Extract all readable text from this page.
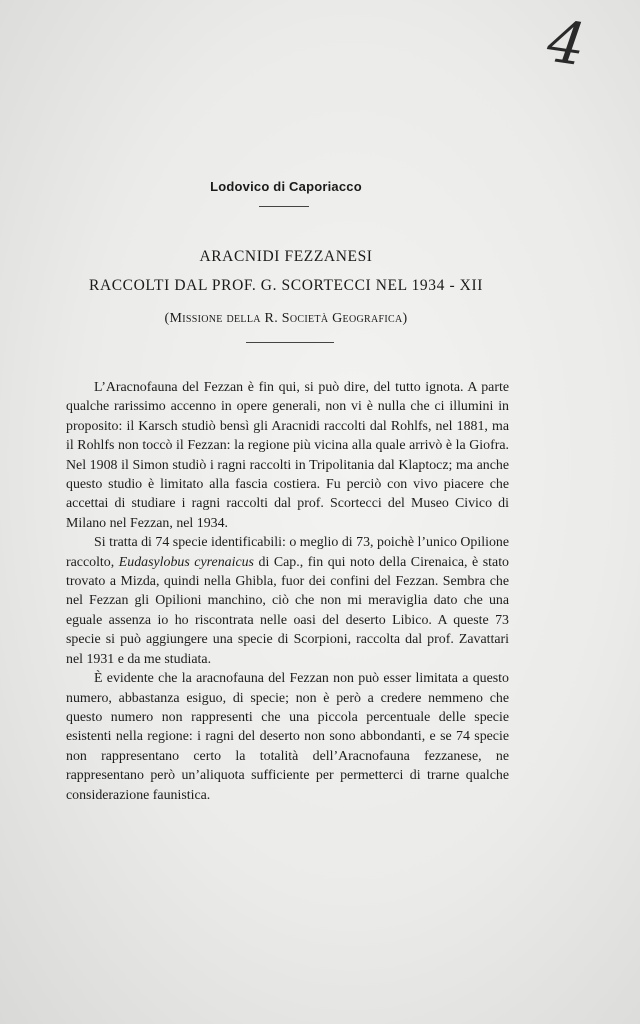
4
Lodovico di Caporiacco
ARACNIDI FEZZANESI
RACCOLTI DAL PROF. G. SCORTECCI NEL 1934 - XII
(Missione della R. Società Geografica)

L’Aracnofauna del Fezzan è fin qui, si può dire, del tutto ignota. A parte qualche rarissimo accenno in opere generali, non vi è nulla che ci illumini in proposito: il Karsch studiò bensì gli Aracnidi raccolti dal Rohlfs, nel 1881, ma il Rohlfs non toccò il Fezzan: la regione più vicina alla quale arrivò è la Giofra. Nel 1908 il Simon studiò i ragni raccolti in Tripolitania dal Klaptocz; ma anche questo studio è limitato alla fascia costiera. Fu perciò con vivo piacere che accettai di studiare i ragni raccolti dal prof. Scortecci del Museo Civico di Milano nel Fezzan, nel 1934.

Si tratta di 74 specie identificabili: o meglio di 73, poichè l’unico Opilione raccolto, Eudasylobus cyrenaicus di Cap., fin qui noto della Cirenaica, è stato trovato a Mizda, quindi nella Ghibla, fuor dei confini del Fezzan. Sembra che nel Fezzan gli Opilioni manchino, ciò che non mi meraviglia dato che una eguale assenza io ho riscontrata nelle oasi del deserto Libico. A queste 73 specie si può aggiungere una specie di Scorpioni, raccolta dal prof. Zavattari nel 1931 e da me studiata.

È evidente che la aracnofauna del Fezzan non può esser limitata a questo numero, abbastanza esiguo, di specie; non è però a credere nemmeno che questo numero non rappresenti che una piccola percentuale delle specie esistenti nella regione: i ragni del deserto non sono abbondanti, e se 74 specie non rappresentano certo la totalità dell’Aracnofauna fezzanese, ne rappresentano però un’aliquota sufficiente per permetterci di trarne qualche considerazione faunistica.
